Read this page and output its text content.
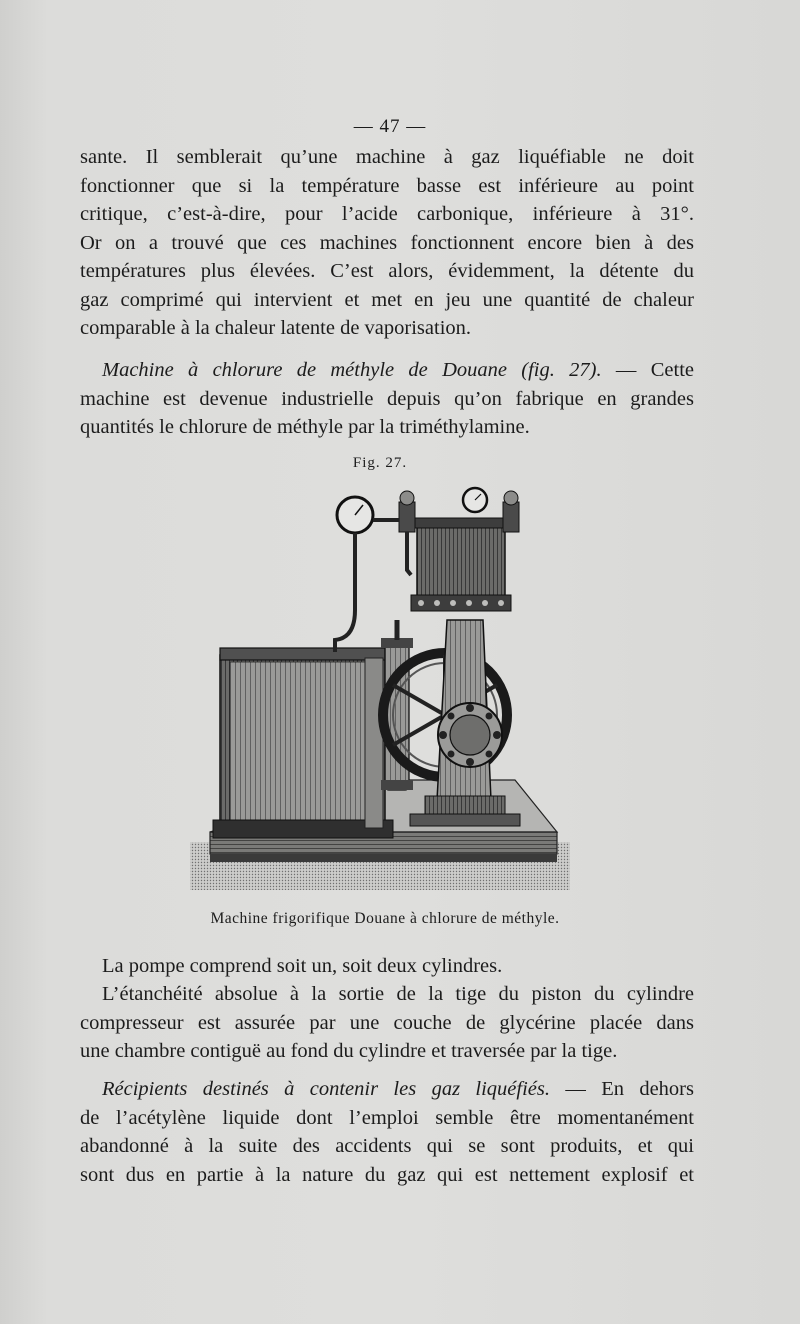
— 47 —
sante. Il semblerait qu’une machine à gaz liquéfiable ne doit
fonctionner que si la température basse est inférieure au point
critique, c’est-à-dire, pour l’acide carbonique, inférieure à 31°.
Or on a trouvé que ces machines fonctionnent encore bien à des
températures plus élevées. C’est alors, évidemment, la détente du
gaz comprimé qui intervient et met en jeu une quantité de chaleur
comparable à la chaleur latente de vaporisation.
Machine à chlorure de méthyle de Douane (fig. 27). — Cette
machine est devenue industrielle depuis qu’on fabrique en grandes
quantités le chlorure de méthyle par la triméthylamine.
Fig. 27.
Machine frigorifique Douane à chlorure de méthyle.
La pompe comprend soit un, soit deux cylindres.
L’étanchéité absolue à la sortie de la tige du piston du cylindre
compresseur est assurée par une couche de glycérine placée dans
une chambre contiguë au fond du cylindre et traversée par la tige.
Récipients destinés à contenir les gaz liquéfiés. — En dehors
de l’acétylène liquide dont l’emploi semble être momentanément
abandonné à la suite des accidents qui se sont produits, et qui
sont dus en partie à la nature du gaz qui est nettement explosif et
